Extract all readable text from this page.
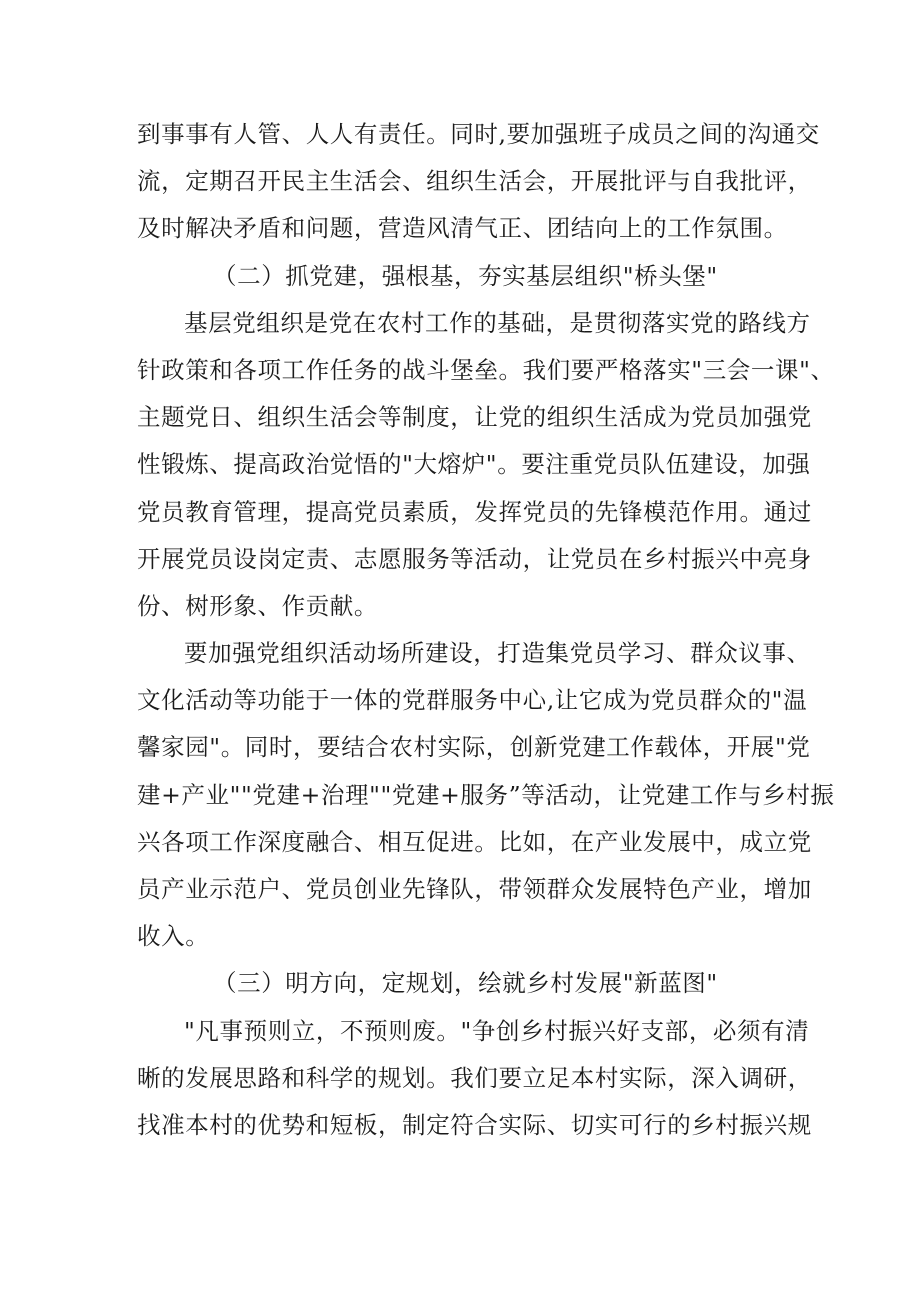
到事事有人管、人人有责任。同时,要加强班子成员之间的沟通交
流，定期召开民主生活会、组织生活会，开展批评与自我批评，
及时解决矛盾和问题，营造风清气正、团结向上的工作氛围。
（二）抓党建，强根基，夯实基层组织"桥头堡"
基层党组织是党在农村工作的基础，是贯彻落实党的路线方
针政策和各项工作任务的战斗堡垒。我们要严格落实"三会一课"、
主题党日、组织生活会等制度，让党的组织生活成为党员加强党
性锻炼、提高政治觉悟的"大熔炉"。要注重党员队伍建设，加强
党员教育管理，提高党员素质，发挥党员的先锋模范作用。通过
开展党员设岗定责、志愿服务等活动，让党员在乡村振兴中亮身
份、树形象、作贡献。
要加强党组织活动场所建设，打造集党员学习、群众议事、
文化活动等功能于一体的党群服务中心,让它成为党员群众的"温
馨家园"。同时，要结合农村实际，创新党建工作载体，开展"党
建+产业""党建+治理""党建+服务”等活动，让党建工作与乡村振
兴各项工作深度融合、相互促进。比如，在产业发展中，成立党
员产业示范户、党员创业先锋队，带领群众发展特色产业，增加
收入。
（三）明方向，定规划，绘就乡村发展"新蓝图"
"凡事预则立，不预则废。"争创乡村振兴好支部，必须有清
晰的发展思路和科学的规划。我们要立足本村实际，深入调研，
找准本村的优势和短板，制定符合实际、切实可行的乡村振兴规
